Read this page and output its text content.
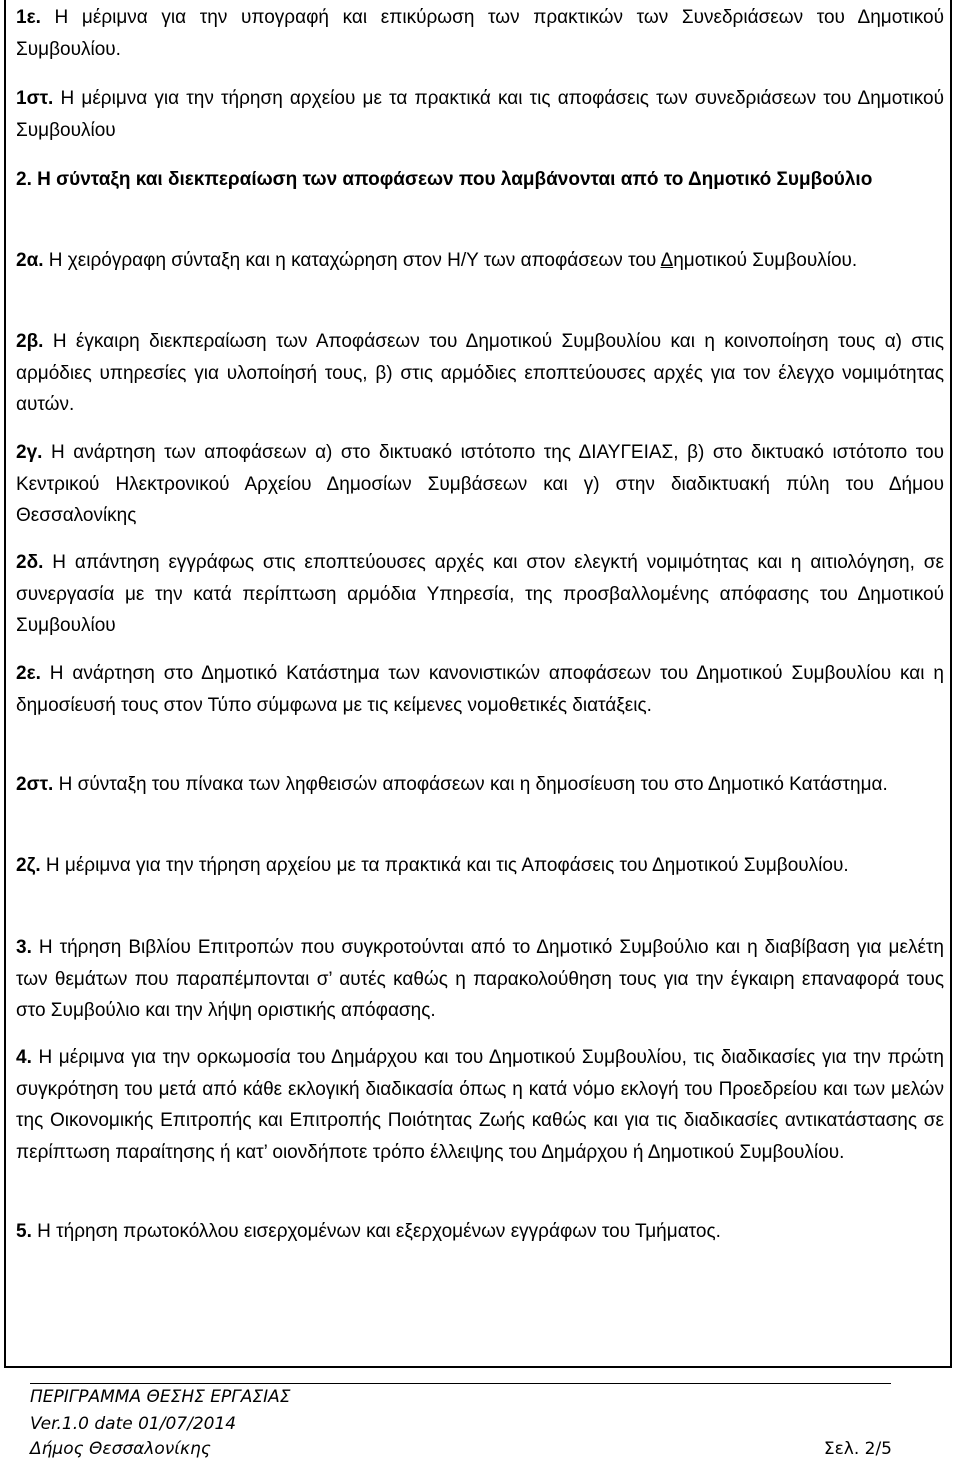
1ε. Η μέριμνα για την υπογραφή και επικύρωση των πρακτικών των Συνεδριάσεων του Δημοτικού Συμβουλίου.
1στ. Η μέριμνα για την τήρηση αρχείου με τα πρακτικά και τις αποφάσεις των συνεδριάσεων του Δημοτικού Συμβουλίου
2. Η σύνταξη και διεκπεραίωση των αποφάσεων που λαμβάνονται από το Δημοτικό Συμβούλιο
2α. Η χειρόγραφη σύνταξη και η καταχώρηση στον Η/Υ των αποφάσεων του Δημοτικού Συμβουλίου.
2β. Η έγκαιρη διεκπεραίωση των Αποφάσεων του Δημοτικού Συμβουλίου και η κοινοποίηση τους α) στις αρμόδιες υπηρεσίες για υλοποίησή τους, β) στις αρμόδιες εποπτεύουσες αρχές για τον έλεγχο νομιμότητας αυτών.
2γ. Η ανάρτηση των αποφάσεων α) στο δικτυακό ιστότοπο της ΔΙΑΥΓΕΙΑΣ, β) στο δικτυακό ιστότοπο του Κεντρικού Ηλεκτρονικού Αρχείου Δημοσίων Συμβάσεων και γ) στην διαδικτυακή πύλη του Δήμου Θεσσαλονίκης
2δ. Η απάντηση εγγράφως στις εποπτεύουσες αρχές και στον ελεγκτή νομιμότητας και η αιτιολόγηση, σε συνεργασία με την κατά περίπτωση αρμόδια Υπηρεσία, της προσβαλλομένης απόφασης του Δημοτικού Συμβουλίου
2ε. Η ανάρτηση στο Δημοτικό Κατάστημα των κανονιστικών αποφάσεων του Δημοτικού Συμβουλίου και η δημοσίευσή τους στον Τύπο σύμφωνα με τις κείμενες νομοθετικές διατάξεις.
2στ. Η σύνταξη του πίνακα των ληφθεισών αποφάσεων και η δημοσίευση του στο Δημοτικό Κατάστημα.
2ζ. Η μέριμνα για την τήρηση αρχείου με τα πρακτικά και τις Αποφάσεις του Δημοτικού Συμβουλίου.
3. Η τήρηση Βιβλίου Επιτροπών που συγκροτούνται από το Δημοτικό Συμβούλιο και η διαβίβαση για μελέτη των θεμάτων που παραπέμπονται σ’ αυτές καθώς η παρακολούθηση τους για την έγκαιρη επαναφορά τους στο Συμβούλιο και την λήψη οριστικής απόφασης.
4. Η μέριμνα για την ορκωμοσία του Δημάρχου και του Δημοτικού Συμβουλίου, τις διαδικασίες για την πρώτη συγκρότηση του μετά από κάθε εκλογική διαδικασία όπως η κατά νόμο εκλογή του Προεδρείου και των μελών της Οικονομικής Επιτροπής και Επιτροπής Ποιότητας Ζωής καθώς και για τις διαδικασίες αντικατάστασης σε περίπτωση παραίτησης ή κατ’ οιονδήποτε τρόπο έλλειψης του Δημάρχου ή Δημοτικού Συμβουλίου.
5. Η τήρηση πρωτοκόλλου εισερχομένων και εξερχομένων εγγράφων του Τμήματος.
ΠΕΡΙΓΡΑΜΜΑ ΘΕΣΗΣ ΕΡΓΑΣΙΑΣ
Ver.1.0 date 01/07/2014
Δήμος Θεσσαλονίκης	Σελ. 2/5
